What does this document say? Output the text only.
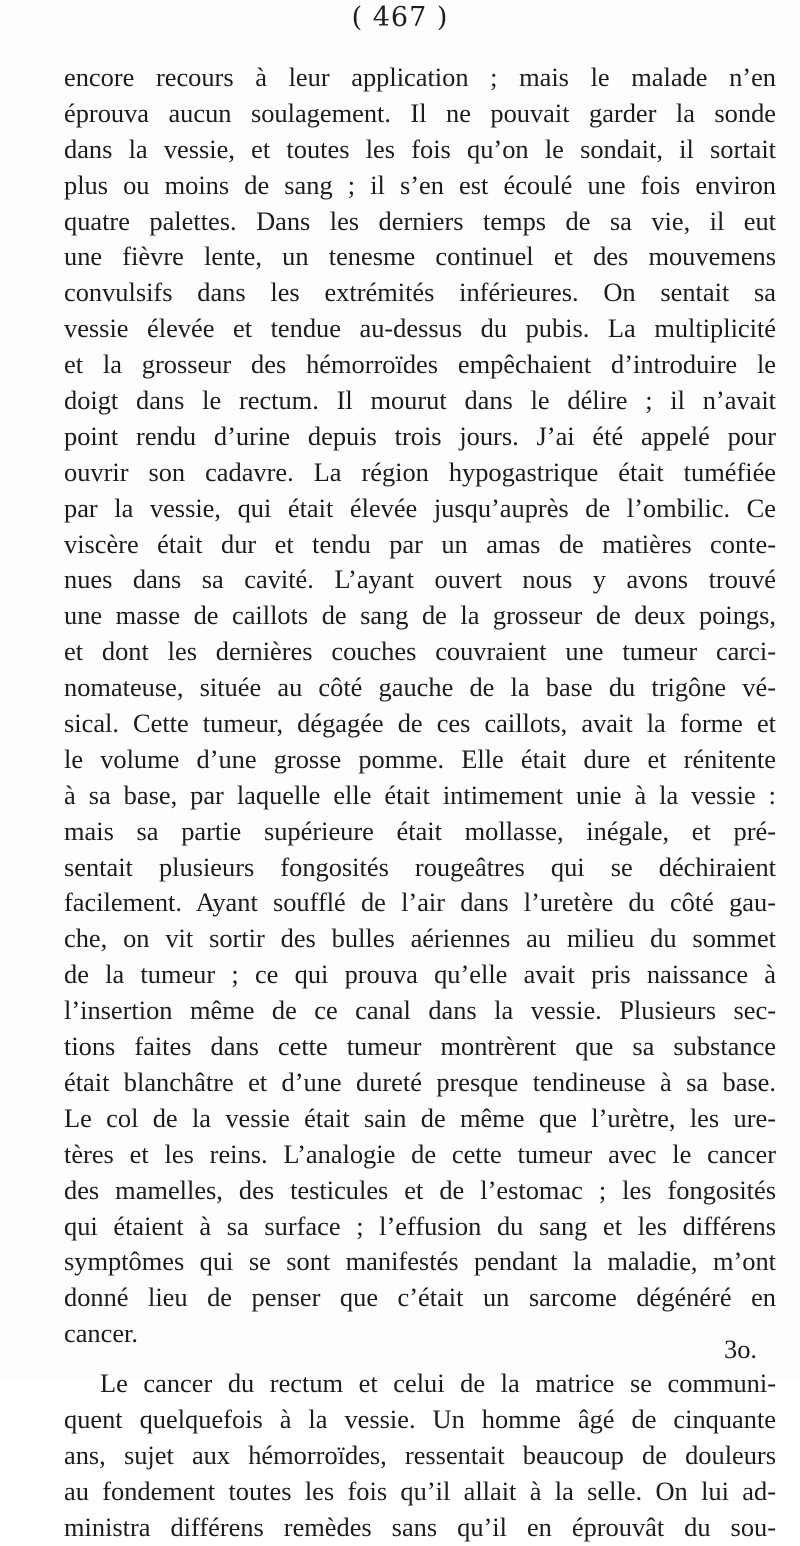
( 467 )
encore recours à leur application ; mais le malade n’en
éprouva aucun soulagement. Il ne pouvait garder la sonde
dans la vessie, et toutes les fois qu’on le sondait, il sortait
plus ou moins de sang ; il s’en est écoulé une fois environ
quatre palettes. Dans les derniers temps de sa vie, il eut
une fièvre lente, un tenesme continuel et des mouvemens
convulsifs dans les extrémités inférieures. On sentait sa
vessie élevée et tendue au-dessus du pubis. La multiplicité
et la grosseur des hémorroïdes empêchaient d’introduire le
doigt dans le rectum. Il mourut dans le délire ; il n’avait
point rendu d’urine depuis trois jours. J’ai été appelé pour
ouvrir son cadavre. La région hypogastrique était tuméfiée
par la vessie, qui était élevée jusqu’auprès de l’ombilic. Ce
viscère était dur et tendu par un amas de matières conte-
nues dans sa cavité. L’ayant ouvert nous y avons trouvé
une masse de caillots de sang de la grosseur de deux poings,
et dont les dernières couches couvraient une tumeur carci-
nomateuse, située au côté gauche de la base du trigône vé-
sical. Cette tumeur, dégagée de ces caillots, avait la forme et
le volume d’une grosse pomme. Elle était dure et rénitente
à sa base, par laquelle elle était intimement unie à la vessie :
mais sa partie supérieure était mollasse, inégale, et pré-
sentait plusieurs fongosités rougeâtres qui se déchiraient
facilement. Ayant soufflé de l’air dans l’uretère du côté gau-
che, on vit sortir des bulles aériennes au milieu du sommet
de la tumeur ; ce qui prouva qu’elle avait pris naissance à
l’insertion même de ce canal dans la vessie. Plusieurs sec-
tions faites dans cette tumeur montrèrent que sa substance
était blanchâtre et d’une dureté presque tendineuse à sa base.
Le col de la vessie était sain de même que l’urètre, les ure-
tères et les reins. L’analogie de cette tumeur avec le cancer
des mamelles, des testicules et de l’estomac ; les fongosités
qui étaient à sa surface ; l’effusion du sang et les différens
symptômes qui se sont manifestés pendant la maladie, m’ont
donné lieu de penser que c’était un sarcome dégénéré en
cancer.
Le cancer du rectum et celui de la matrice se communi-
quent quelquefois à la vessie. Un homme âgé de cinquante
ans, sujet aux hémorroïdes, ressentait beaucoup de douleurs
au fondement toutes les fois qu’il allait à la selle. On lui ad-
ministra différens remèdes sans qu’il en éprouvât du sou-
3o.
